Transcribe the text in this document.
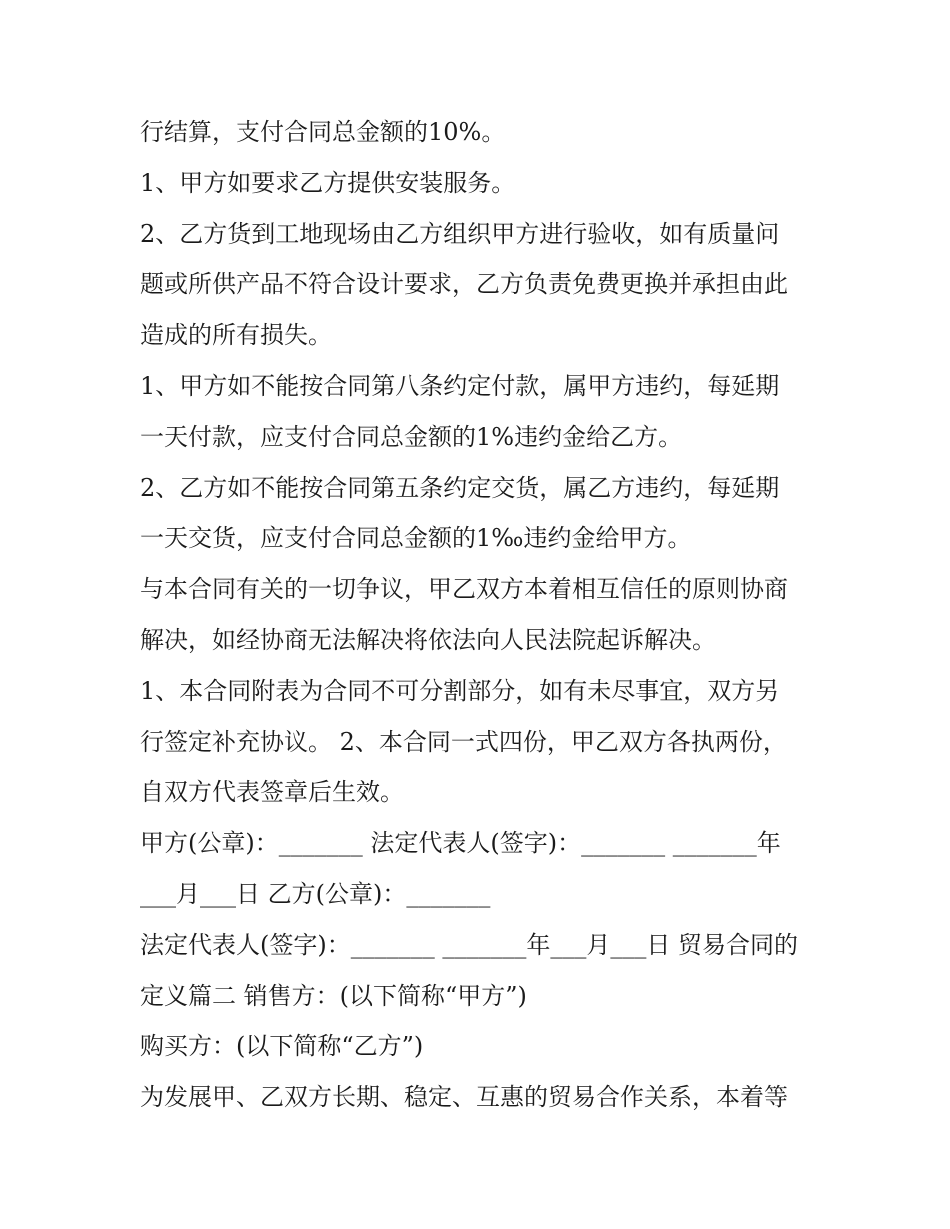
行结算，支付合同总金额的10%。
1、甲方如要求乙方提供安装服务。
2、乙方货到工地现场由乙方组织甲方进行验收，如有质量问
题或所供产品不符合设计要求，乙方负责免费更换并承担由此
造成的所有损失。
1、甲方如不能按合同第八条约定付款，属甲方违约，每延期
一天付款，应支付合同总金额的1%违约金给乙方。
2、乙方如不能按合同第五条约定交货，属乙方违约，每延期
一天交货，应支付合同总金额的1‰违约金给甲方。
与本合同有关的一切争议，甲乙双方本着相互信任的原则协商
解决，如经协商无法解决将依法向人民法院起诉解决。
1、本合同附表为合同不可分割部分，如有未尽事宜，双方另
行签定补充协议。 2、本合同一式四份，甲乙双方各执两份，
自双方代表签章后生效。
甲方(公章)：_______ 法定代表人(签字)：_______ _______年
___月___日 乙方(公章)：_______
法定代表人(签字)：_______ _______年___月___日 贸易合同的
定义篇二 销售方：(以下简称“甲方”)
购买方：(以下简称“乙方”)
为发展甲、乙双方长期、稳定、互惠的贸易合作关系，本着等
